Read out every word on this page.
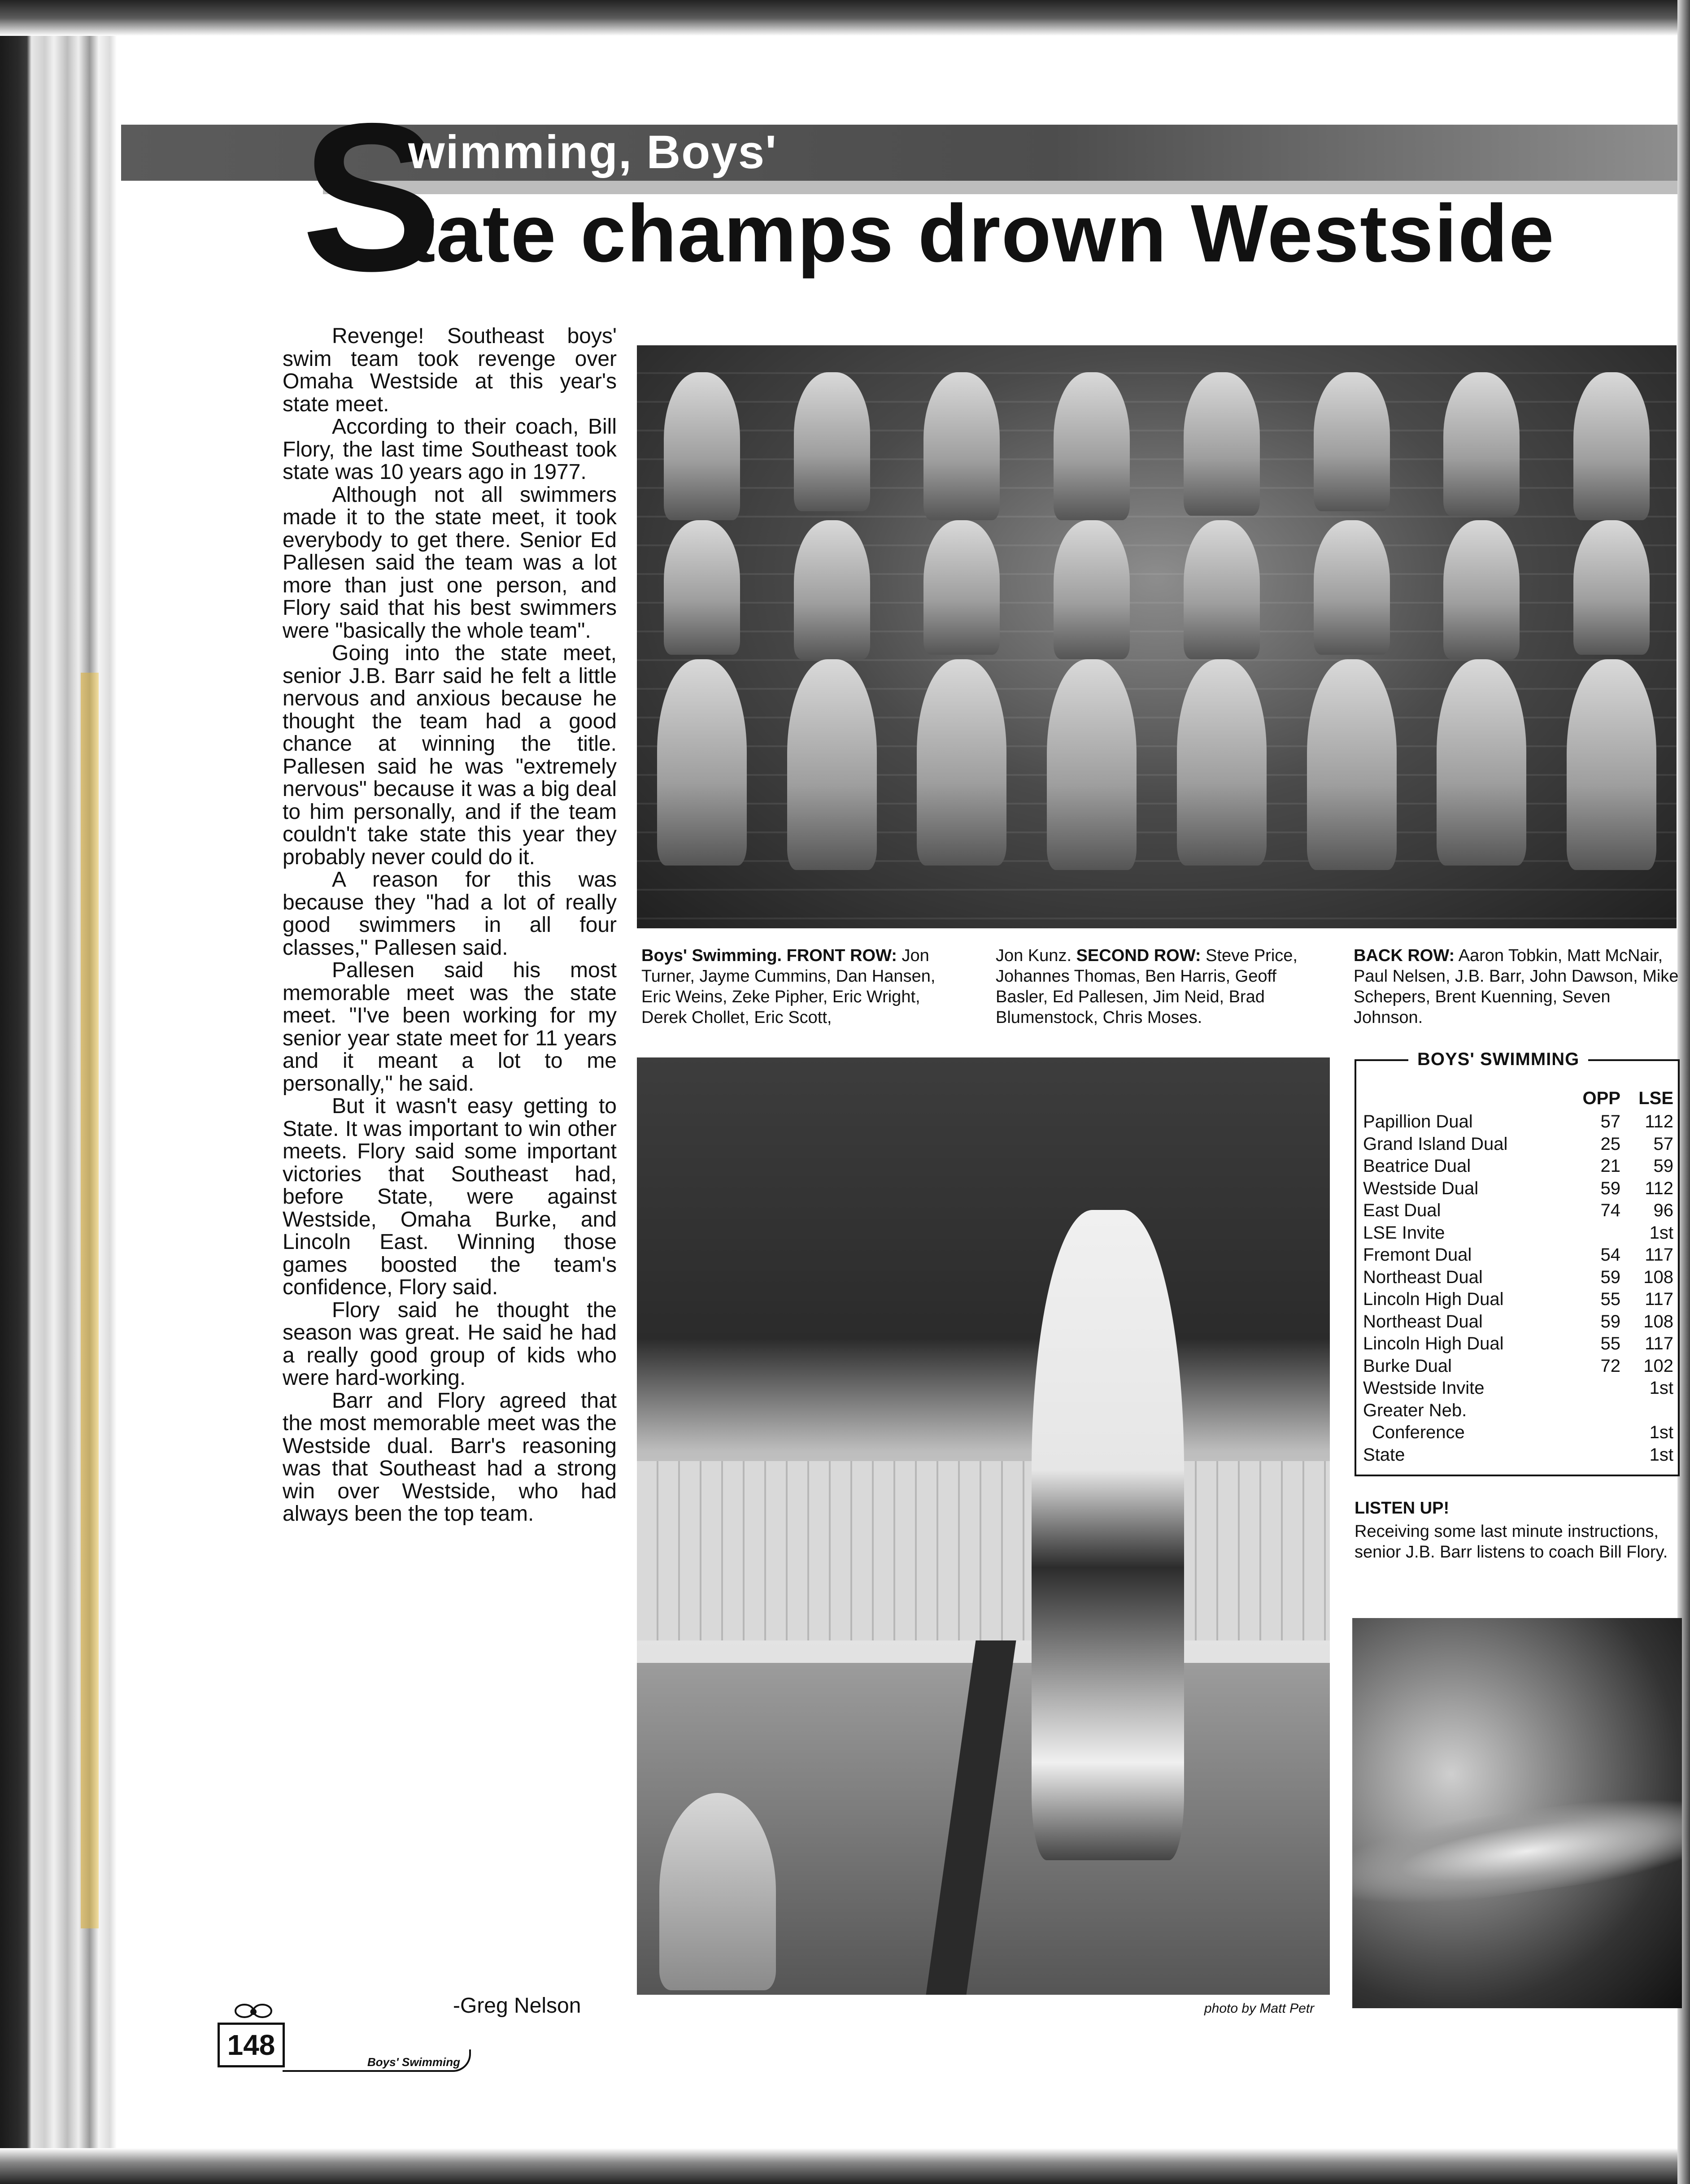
S
wimming, Boys'
tate champs drown Westside

Revenge! Southeast boys' swim team took revenge over Omaha Westside at this year's state meet.

According to their coach, Bill Flory, the last time Southeast took state was 10 years ago in 1977.

Although not all swimmers made it to the state meet, it took everybody to get there. Senior Ed Pallesen said the team was a lot more than just one person, and Flory said that his best swimmers were "basically the whole team".

Going into the state meet, senior J.B. Barr said he felt a little nervous and anxious because he thought the team had a good chance at winning the title. Pallesen said he was "extremely nervous" because it was a big deal to him personally, and if the team couldn't take state this year they probably never could do it.

A reason for this was because they "had a lot of really good swimmers in all four classes," Pallesen said.

Pallesen said his most memorable meet was the state meet. "I've been working for my senior year state meet for 11 years and it meant a lot to me personally," he said.

But it wasn't easy getting to State. It was important to win other meets. Flory said some important victories that Southeast had, before State, were against Westside, Omaha Burke, and Lincoln East. Winning those games boosted the team's confidence, Flory said.

Flory said he thought the season was great. He said he had a really good group of kids who were hard-working.

Barr and Flory agreed that the most memorable meet was the Westside dual. Barr's reasoning was that Southeast had a strong win over Westside, who had always been the top team.

-Greg Nelson
Boys' Swimming. FRONT ROW: Jon Turner, Jayme Cummins, Dan Hansen, Eric Weins, Zeke Pipher, Eric Wright, Derek Chollet, Eric Scott,
Jon Kunz. SECOND ROW: Steve Price, Johannes Thomas, Ben Harris, Geoff Basler, Ed Pallesen, Jim Neid, Brad Blumenstock, Chris Moses.
BACK ROW: Aaron Tobkin, Matt McNair, Paul Nelsen, J.B. Barr, John Dawson, Mike Schepers, Brent Kuenning, Seven Johnson.
photo by Matt Petr
	OPP	LSE
Papillion Dual	57	112
Grand Island Dual	25	57
Beatrice Dual	21	59
Westside Dual	59	112
East Dual	74	96
LSE Invite		1st
Fremont Dual	54	117
Northeast Dual	59	108
Lincoln High Dual	55	117
Northeast Dual	59	108
Lincoln High Dual	55	117
Burke Dual	72	102
Westside Invite		1st
Greater Neb.		
Conference		1st
State		1st
BOYS' SWIMMING
LISTEN UP!
Receiving some last minute instructions, senior J.B. Barr listens to coach Bill Flory.
148
Boys' Swimming
